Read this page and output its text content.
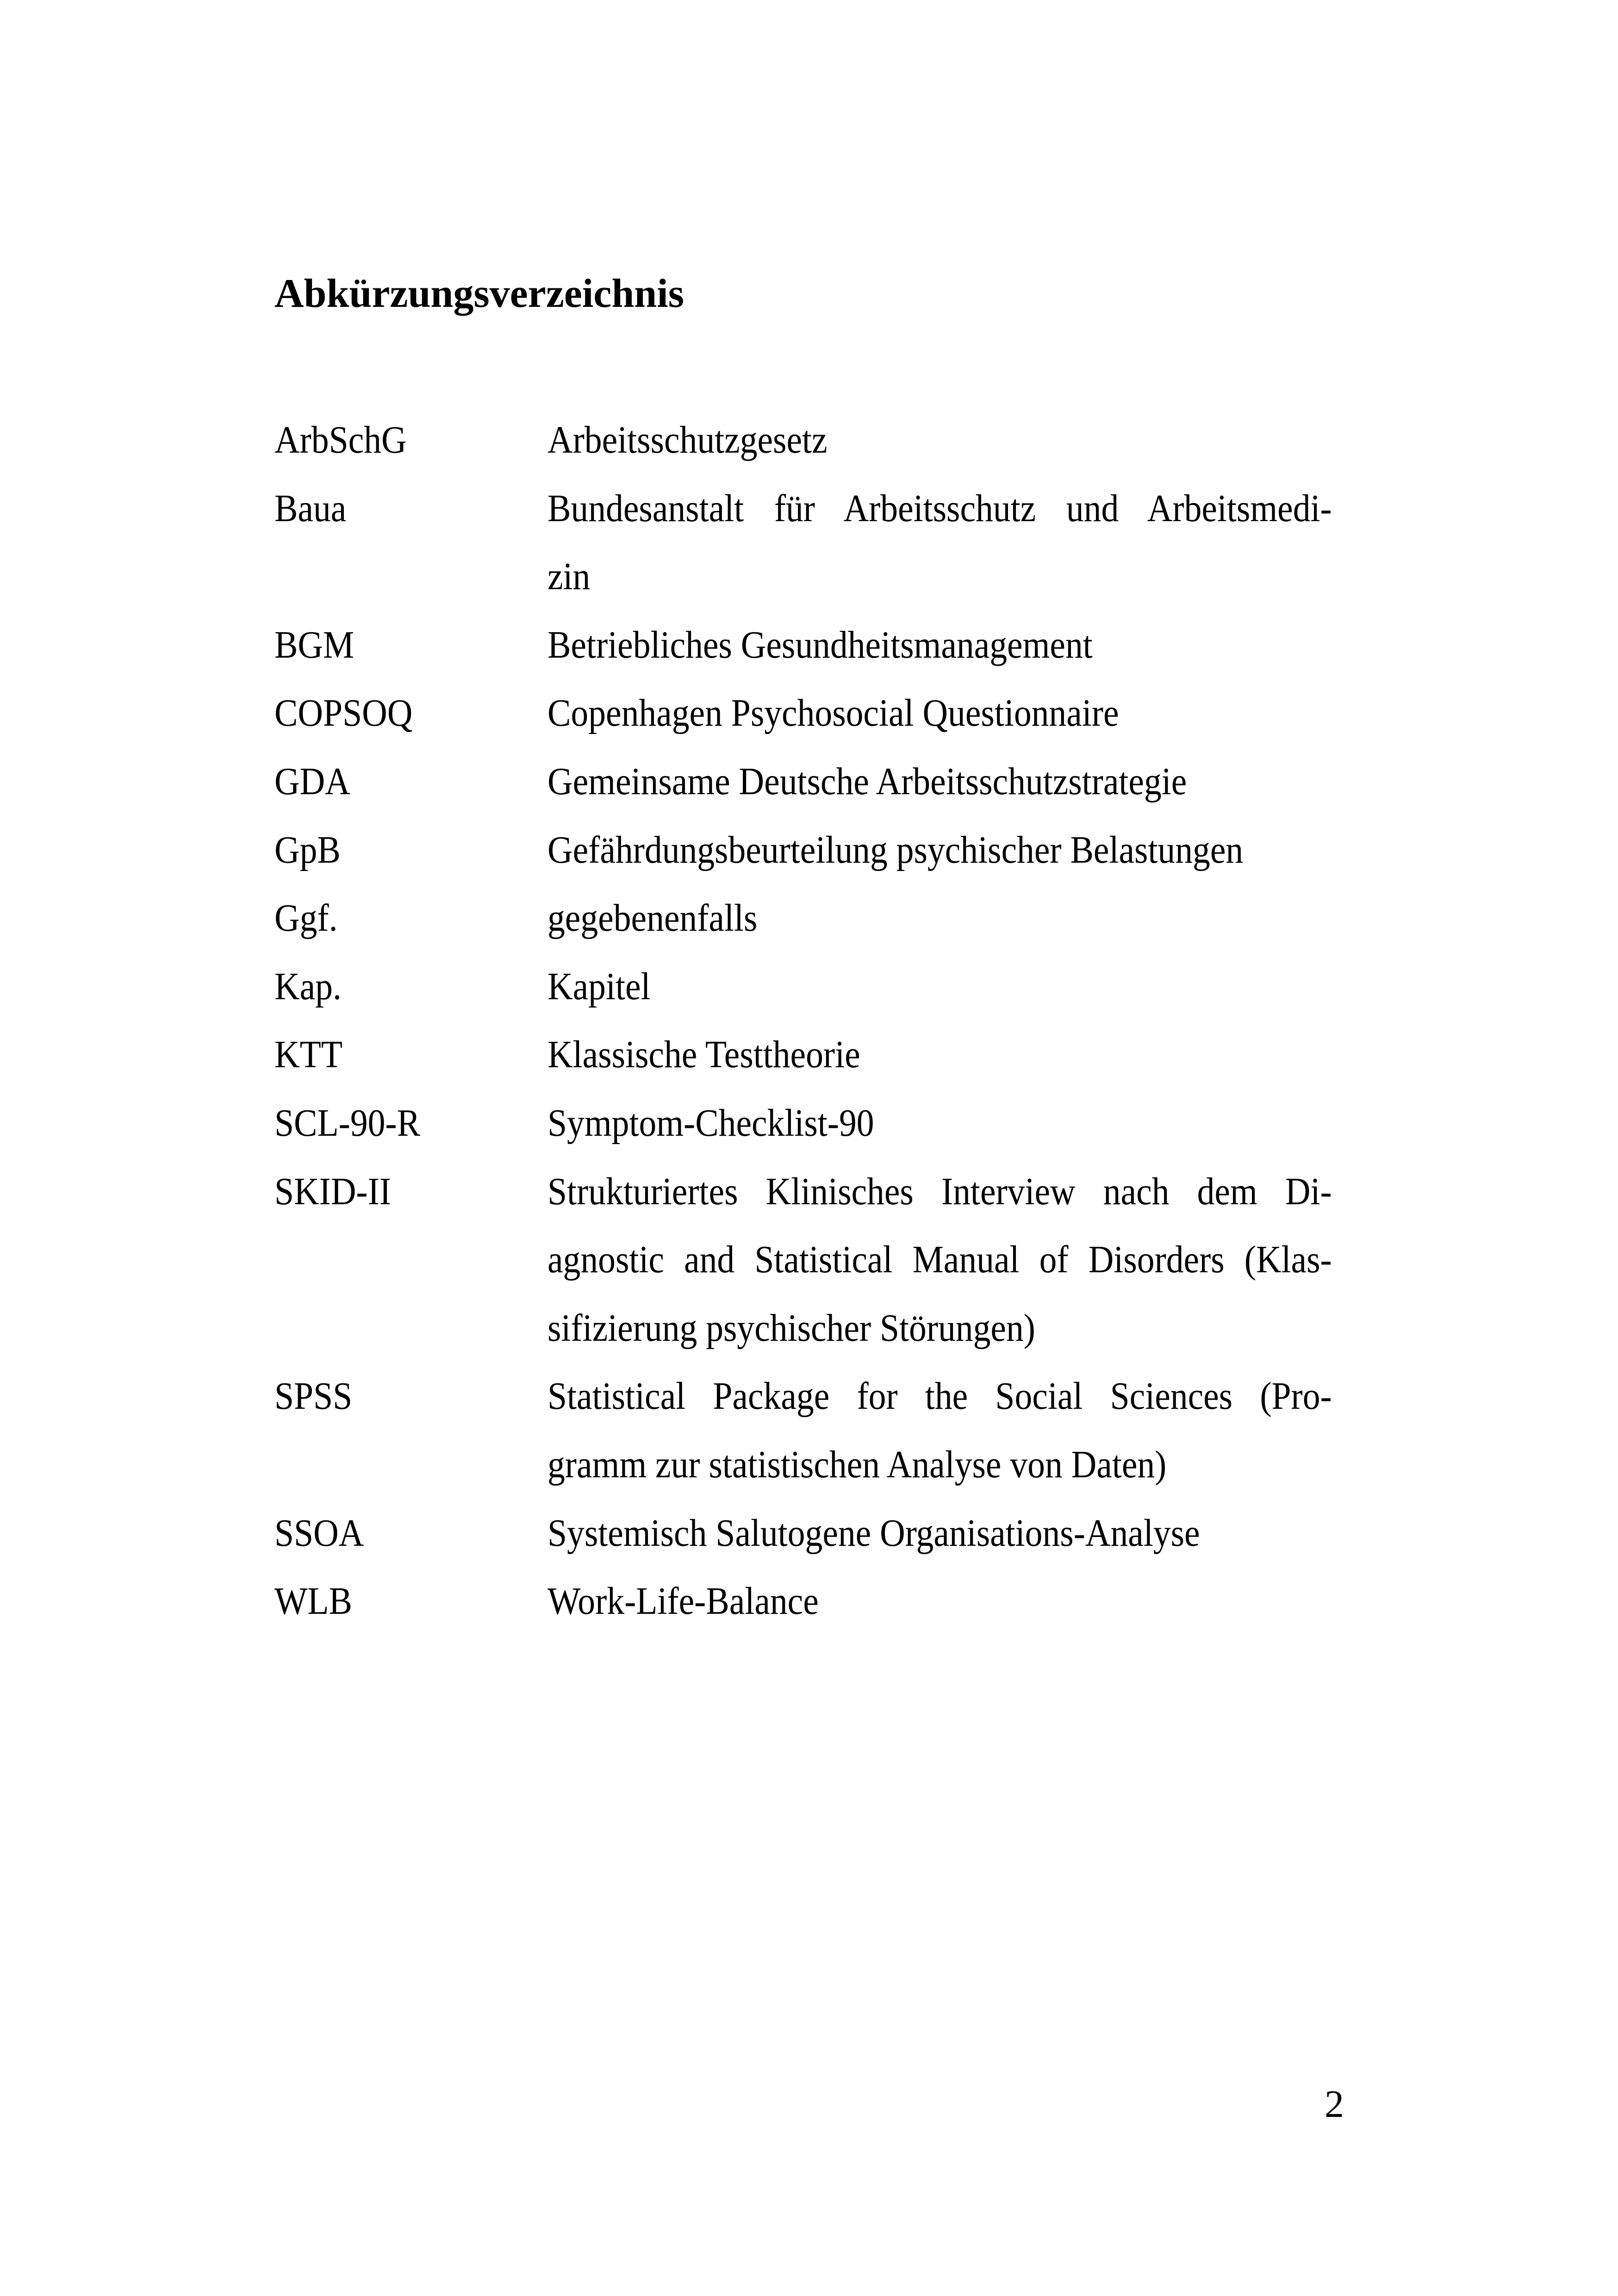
Abkürzungsverzeichnis
ArbSchG	Arbeitsschutzgesetz
Baua	Bundesanstalt für Arbeitsschutz und Arbeitsmedi-
zin
BGM	Betriebliches Gesundheitsmanagement
COPSOQ	Copenhagen Psychosocial Questionnaire
GDA	Gemeinsame Deutsche Arbeitsschutzstrategie
GpB	Gefährdungsbeurteilung psychischer Belastungen
Ggf.	gegebenenfalls
Kap.	Kapitel
KTT	Klassische Testtheorie
SCL-90-R	Symptom-Checklist-90
SKID-II	Strukturiertes Klinisches Interview nach dem Di-
agnostic and Statistical Manual of Disorders (Klas-
sifizierung psychischer Störungen)
SPSS	Statistical Package for the Social Sciences (Pro-
gramm zur statistischen Analyse von Daten)
SSOA	Systemisch Salutogene Organisations-Analyse
WLB	Work-Life-Balance
2
